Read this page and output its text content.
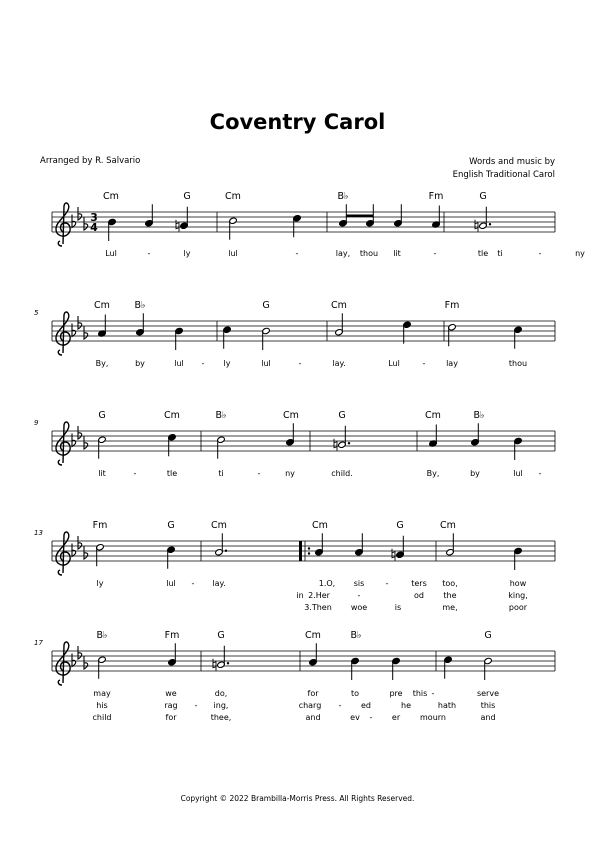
Coventry Carol
Arranged by R. Salvario	Words and music by
English Traditional Carol
3
4
Cm	G	Cm	B♭	Fm	G
Lul	-	ly	lul	-	lay, thou lit	-	tle ti	-	ny
5
Cm	B♭	G	Cm	Fm
By,	by	lul - ly	lul	-	lay.	Lul	-	lay	thou
9
G	Cm	B♭	Cm	G	Cm	B♭
lit	-	tle	ti	-	ny	child.	By,	by	lul -
13
Fm	G	Cm	Cm	G	Cm
ly	lul - lay.	1.O, sis	-	ters too,	how
2.Her	-	od the	king,
in
3.Then woe	is	me,	poor
17
B♭	Fm	G	Cm	B♭	G
may	we	do,	for	to	pre	-	serve
this
his	rag - ing,	charg - ed	he	hath	this
child	for	thee,	and	ev - er mourn	and
Copyright © 2022 Brambilla-Morris Press. All Rights Reserved.
